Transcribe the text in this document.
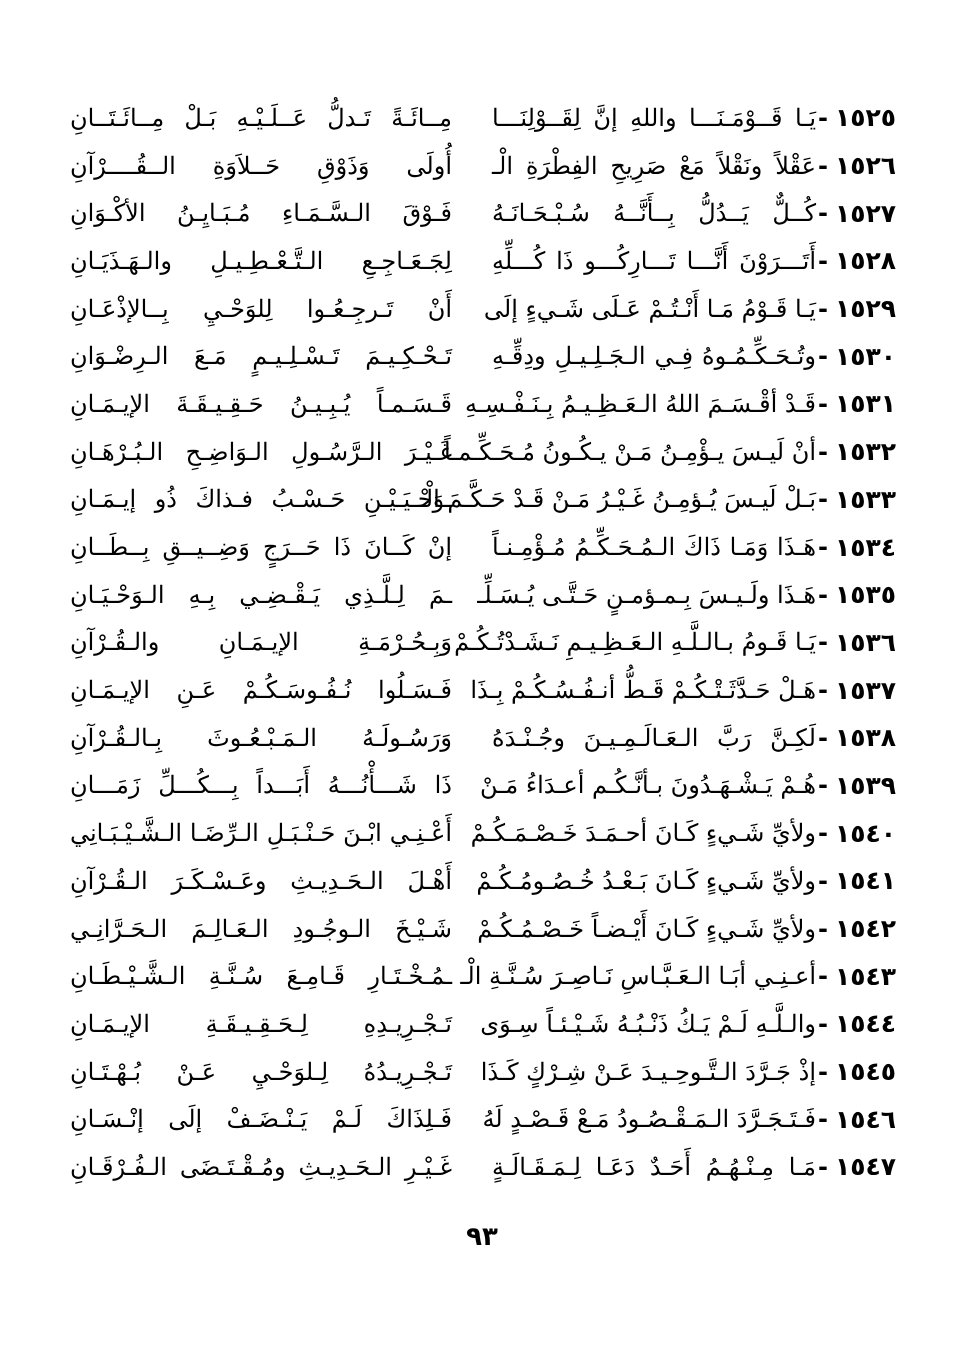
١٥٢٥
-
يَـا قَــوْمَـنَـــا واللهِ إنَّ لِقَــوْلِنَـــا
مِــائَـةً تَـدلُّ عَــلَـيْـهِ بَـلْ مِــائَـتَــانِ
١٥٢٦
-
عَقْلاً ونَقْلاً مَعْ صَرِيحِ الفِطْرَةِ الْـ
أُولَى وَذَوْقِ حَــلاَوَةِ الــقُــــرْآنِ
١٥٢٧
-
كُــلٌّ يَــدُلُّ بِــأَنَّــهُ سُـبْـحَـانَـهُ
فَـوْقَ الـسَّـمَـاءِ مُـبَـايِـنُ الأكْـوَانِ
١٥٢٨
-
أَتَـــرَوْنَ أَنَّـــا تَـــارِكُـــو ذَا كُـــلِّهِ
لِجَـعَـاجِـعِ الـتَّـعْـطِـيـلِ والـهَـذَيَـانِ
١٥٢٩
-
يَـا قَـوْمُ مَـا أَنْـتُـمْ عَـلَى شَـيءٍ إلَى
أَنْ تَـرجِـعُـوا لِلوَحْـيِ بِــالإذْعَـانِ
١٥٣٠
-
وتُـحَـكِّـمُـوهُ فِـي الـجَـلِـيـلِ ودِقِّـهِ
تَـحْـكِـيـمَ تَـسْـلِـيـمٍ مَـعَ الـرِضْـوَانِ
١٥٣١
-
قَـدْ أقْـسَـمَ اللهُ الـعَـظِـيـمُ بِـنَـفْـسِـهِ
قَـسَـمـاً يُـبِـيـنُ حَـقِـيـقَـةَ الإيـمَـانِ
١٥٣٢
-
أنْ لَيـسَ يـؤْمِـنُ مَـنْ يـكُـونُ مُـحَـكِّـمـاً
غَـيْـرَ الـرَّسُـولِ الـوَاضِـحِ الـبُـرْهَـانِ
١٥٣٣
-
بَـلْ لَيـسَ يُـؤمِـنُ غَـيْـرُ مَـنْ قَـدْ حَـكَّـمَ الْـ
ـوَحْـيَـيْـنِ حَـسْـبُ فـذاكَ ذُو إيـمَـانِ
١٥٣٤
-
هَـذَا وَمَـا ذَاكَ الـمُـحَـكِّـمُ مُـؤْمِـنـاً
إنْ كَــانَ ذَا حَــرَجٍ وَضِــيــقِ بِــطَــانِ
١٥٣٥
-
هَـذَا ولَـيـسَ بِـمـؤمـنٍ حَـتَّـى يُـسَـلِّـ
ـمَ لِـلَّـذِي يَـقْـضِـي بِـهِ الـوَحْـيَـانِ
١٥٣٦
-
يَـا قَـومُ بـالـلَّـهِ الـعَـظِـيـمِ نَـشَـدْتُـكُـمْ
وَبِـحُـرْمَـةِ الإيـمَـانِ والـقُـرْآنِ
١٥٣٧
-
هَـلْ حَـدَّثَـتْـكُـمْ قَـطُّ أنـفُـسُـكُـمْ بِـذَا
فَـسَـلُوا نُـفُـوسَـكُـمْ عَـنِ الإيـمَـانِ
١٥٣٨
-
لَكِـنَّ رَبَّ الـعَـالَـمِـيـنَ وجُـنْـدَهُ
وَرَسُـولَـهُ الـمَـبْـعُـوثَ بِـالـقُـرْآنِ
١٥٣٩
-
هُـمْ يَـشْـهَـدُونَ بـأنَّـكُـم أعـدَاءُ مَـنْ
ذَا شَـــأْنُـــهُ أَبَـــداً بِـــكُـــلِّ زَمَـــانِ
١٥٤٠
-
ولأيِّ شَـيءٍ كَـانَ أحـمَـدَ خَـصْـمَـكُـمْ
أَعْـنِـي ابْـنَ حَـنْـبَـلِ الـرِّضَـا الـشَّـيْـبَـانِي
١٥٤١
-
ولأيِّ شَـيءٍ كَـانَ بَـعْـدُ خُـصُـومُـكُـمْ
أَهْـلَ الـحَـدِيـثِ وعَـسْـكَـرَ الـقُـرْآنِ
١٥٤٢
-
ولأيِّ شَـيءٍ كَـانَ أَيْـضـاً خَـصْـمُـكُـمْ
شَـيْـخَ الـوجُـودِ الـعَـالِـمَ الـحَـرَّانِـي
١٥٤٣
-
أعـنِـي أبَـا الـعَـبَّـاسِ نَـاصِـرَ سُـنَّـةِ الْـ
ـمُـخْـتَـارِ قَـامِـعَ سُـنَّـةِ الـشَّـيْـطَـانِ
١٥٤٤
-
والـلَّـهِ لَـمْ يَـكُ ذَنْـبُـهُ شَـيْـئـاً سِـوَى
تَـجْـرِيـدِهِ لِـحَـقِـيـقَـةِ الإيـمَـانِ
١٥٤٥
-
إذْ جَـرَّدَ الـتَّـوحِـيـدَ عَـنْ شِـرْكٍ كَـذَا
تَـجْـرِيـدُهُ لِـلوَحْـيِ عَـنْ بُـهْـتَـانِ
١٥٤٦
-
فَـتَـجَـرَّدَ الـمَـقْـصُـودُ مَـعْ قَـصْـدٍ لَهُ
فَـلِذَاكَ لَـمْ يَـنْـضَـفْ إلَى إنْـسَـانِ
١٥٤٧
-
مَـا مِـنْـهُـمُ أَحَـدٌ دَعَـا لِـمَـقَـالَـةٍ
غَـيْـرِ الـحَـدِيـثِ ومُـقْـتَـضَى الـفُـرْقَـانِ
٩٣
